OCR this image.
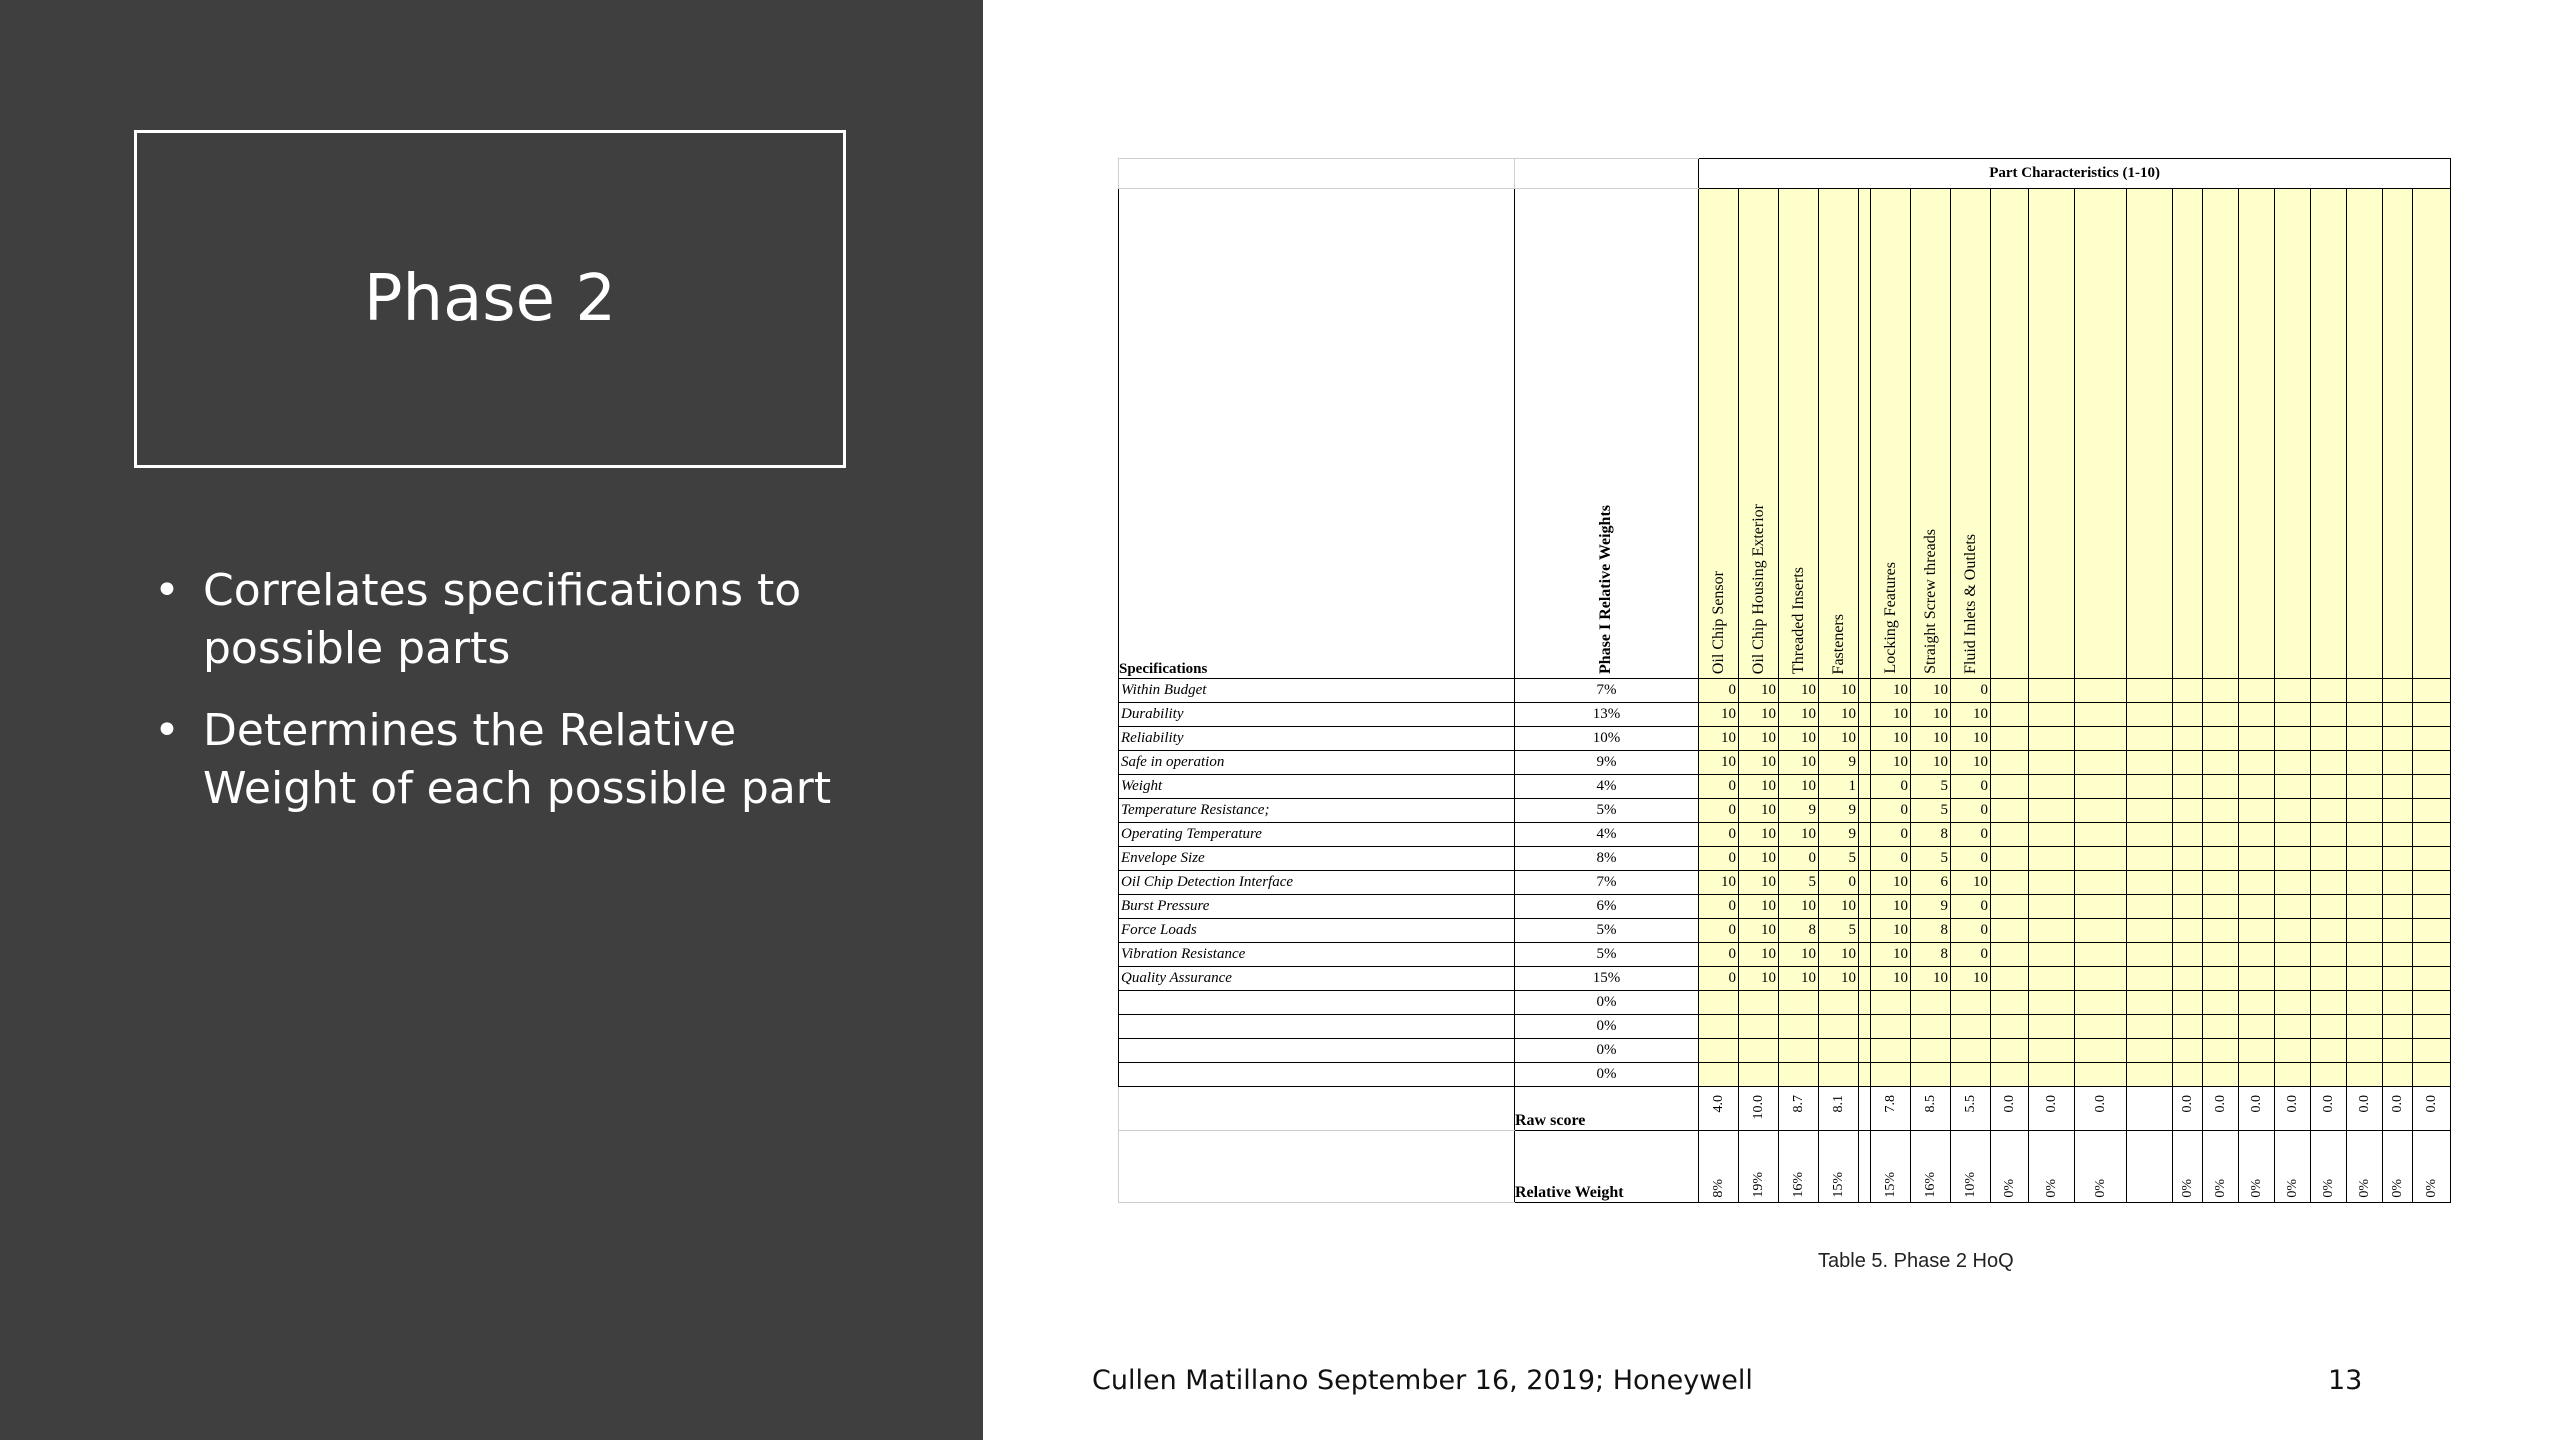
Phase 2
• Correlates specifications to possible parts
• Determines the Relative Weight of each possible part
		Part Characteristics (1-10)																			
Specifications	Phase I Relative Weights	Oil Chip Sensor	Oil Chip Housing Exterior	Threaded Inserts	Fasteners		Locking Features	Straight Screw threads	Fluid Inlets & Outlets												

Within Budget	7%	0	10	10	10		10	10	0												
Durability	13%	10	10	10	10		10	10	10												
Reliability	10%	10	10	10	10		10	10	10												
Safe in operation	9%	10	10	10	9		10	10	10												
Weight	4%	0	10	10	1		0	5	0												
Temperature Resistance;	5%	0	10	9	9		0	5	0												
Operating Temperature	4%	0	10	10	9		0	8	0												
Envelope Size	8%	0	10	0	5		0	5	0												
Oil Chip Detection Interface	7%	10	10	5	0		10	6	10												
Burst Pressure	6%	0	10	10	10		10	9	0												
Force Loads	5%	0	10	8	5		10	8	0												
Vibration Resistance	5%	0	10	10	10		10	8	0												
Quality Assurance	15%	0	10	10	10		10	10	10												
	0%																				
	0%																				
	0%																				
	0%																				
	Raw score	4.0	10.0	8.7	8.1		7.8	8.5	5.5	0.0	0.0	0.0		0.0	0.0	0.0	0.0	0.0	0.0	0.0	0.0

	Relative Weight	8%	19%	16%	15%		15%	16%	10%	0%	0%	0%		0%	0%	0%	0%	0%	0%	0%	0%
Table 5. Phase 2 HoQ
Cullen Matillano September 16, 2019; Honeywell	13
